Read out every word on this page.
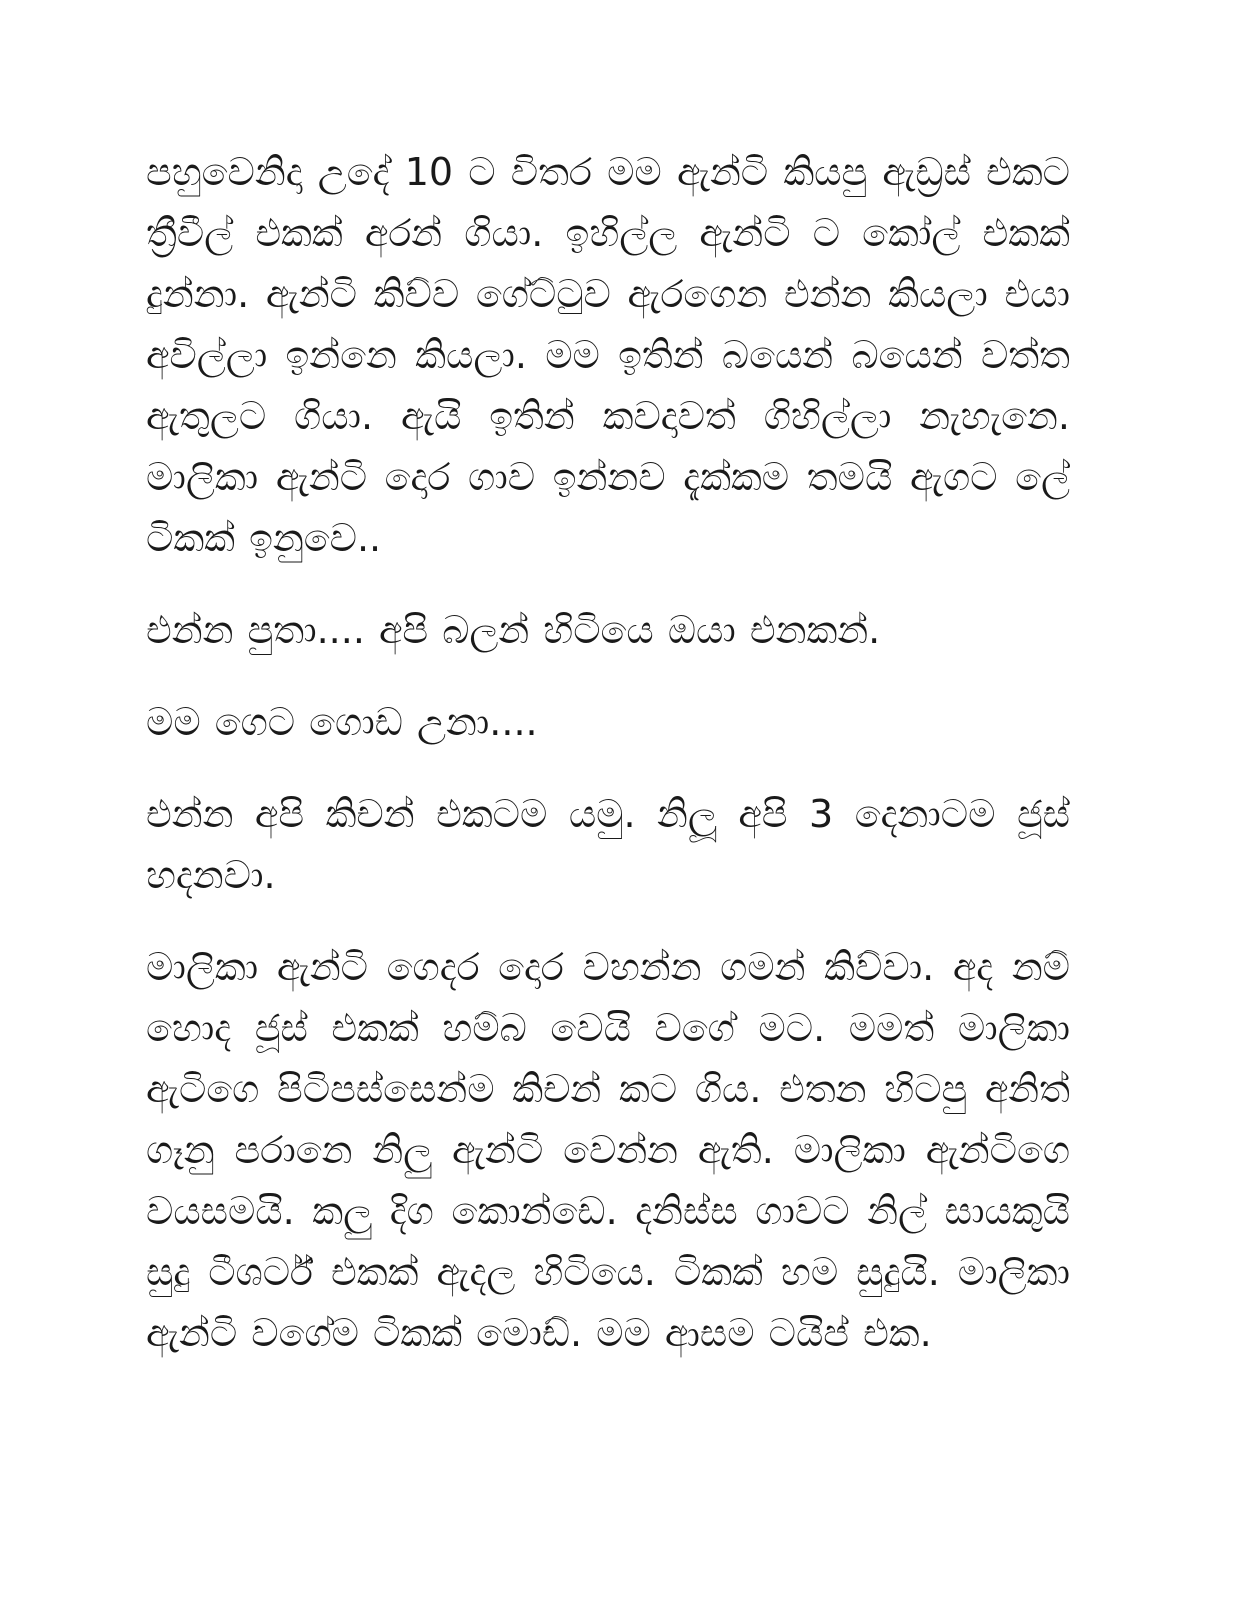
පහුවෙනිදා උදේ 10 ට විතර මම ඇන්ටි කියපු ඇඩ්‍රස් එකට ත්‍රීවීල් එකක් අරන් ගියා. ඉහිල්ල ඇන්ටි ට කෝල් එකක් දුන්නා. ඇන්ටි කිව්ව ගේට්ටුව ඇරගෙන එන්න කියලා එයා අවිල්ලා ඉන්නෙ කියලා. මම ඉතින් බයෙන් බයෙන් වත්ත ඇතුලට ගියා. ඇයි ඉතින් කවදාවත් ගිහිල්ලා නැහැනෙ. මාලිකා ඇන්ටි දොර ගාව ඉන්නව දැක්කම තමයි ඇගට ලේ ටිකක් ඉනුවෙ..

එන්න පුතා.... අපි බලන් හිටියෙ ඔයා එනකන්.

මම ගෙට ගොඩ උනා....

එන්න අපි කිචන් එකටම යමු. නිලූ අපි 3 දෙනාටම ජූස් හදනවා.

මාලිකා ඇන්ටි ගෙදර දොර වහන්න ගමන් කිව්වා. අද නම් හොද ජූස් එකක් හම්බ වෙයි වගේ මට. මමත් මාලිකා ඇටිගෙ පිටිපස්සෙන්ම කිචන් කට ගිය. එතන හිටපු අනිත් ගෑනු පරානෙ නිලු ඇන්ටි වෙන්න ඇති. මාලිකා ඇන්ටිගෙ වයසමයි. කලු දිග කොන්ඩෙ. දනිස්ස ගාවට නිල් සායකුයි සුදු ටීශර්ට් එකක් ඇදල හිටියෙ. ටිකක් හම සුදුයි. මාලිකා ඇන්ටි වගේම ටිකක් මොඩ්. මම ආසම ටයිප් එක.
